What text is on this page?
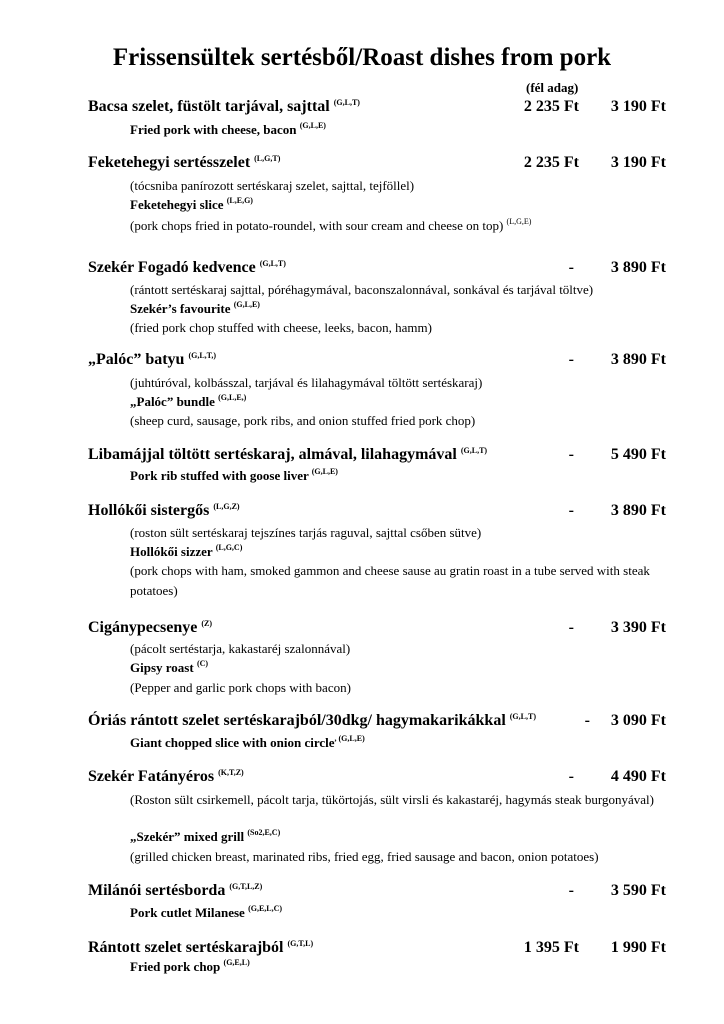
Frissensültek sertésből/Roast dishes from pork
(fél adag)
Bacsa szelet, füstölt tarjával, sajttal $^{(G,L,T)}$	2 235 Ft 3 190 Ft
Fried pork with cheese, bacon $^{(G,L,E)}$
Feketehegyi sertésszelet $^{(L,G,T)}$	2 235 Ft 3 190 Ft
(tócsniba panírozott sertéskaraj szelet, sajttal, tejföllel)
Feketehegyi slice $^{(L,E,G)}$
(pork chops fried in potato-roundel, with sour cream and cheese on top) $^{(L,G,E)}$
Szekér Fogadó kedvence $^{(G,L,T)}$	- 3 890 Ft
(rántott sertéskaraj sajttal, póréhagymával, baconszalonnával, sonkával és tarjával töltve)
Szekér’s favourite $^{(G,L,E)}$
(fried pork chop stuffed with cheese, leeks, bacon, hamm)
„Palóc” batyu $^{(G,L,T,)}$	- 3 890 Ft
(juhtúróval, kolbásszal, tarjával és lilahagymával töltött sertéskaraj)
„Palóc” bundle $^{(G,L,E,)}$
(sheep curd, sausage, pork ribs, and onion stuffed fried pork chop)
Libamájjal töltött sertéskaraj, almával, lilahagymával $^{(G,L,T)}$	- 5 490 Ft
Pork rib stuffed with goose liver $^{(G,L,E)}$
Hollókői sistergős $^{(L,G,Z)}$	- 3 890 Ft
(roston sült sertéskaraj tejszínes tarjás raguval, sajttal csőben sütve)
Hollókői sizzer $^{(L,G,C)}$
(pork chops with ham, smoked gammon and cheese sause au gratin roast in a tube served with steak potatoes)
Cigánypecsenye $^{(Z)}$	- 3 390 Ft
(pácolt sertéstarja, kakastaréj szalonnával)
Gipsy roast $^{(C)}$
(Pepper and garlic pork chops with bacon)
Óriás rántott szelet sertéskarajból/30dkg/ hagymakarikákkal $^{(G,L,T)}$	- 3 090 Ft
Giant chopped slice with onion circle$^{, (G,L,E)}$
Szekér Fatányéros $^{(K,T,Z)}$	- 4 490 Ft
(Roston sült csirkemell, pácolt tarja, tükörtojás, sült virsli és kakastaréj, hagymás steak burgonyával)
„Szekér” mixed grill $^{(So2,E,C)}$
(grilled chicken breast, marinated ribs, fried egg, fried sausage and bacon, onion potatoes)
Milánói sertésborda $^{(G,T,L,Z)}$	- 3 590 Ft
Pork cutlet Milanese $^{(G,E,L,C)}$
Rántott szelet sertéskarajból $^{(G,T,L)}$	1 395 Ft 1 990 Ft
Fried pork chop $^{(G,E,L)}$
